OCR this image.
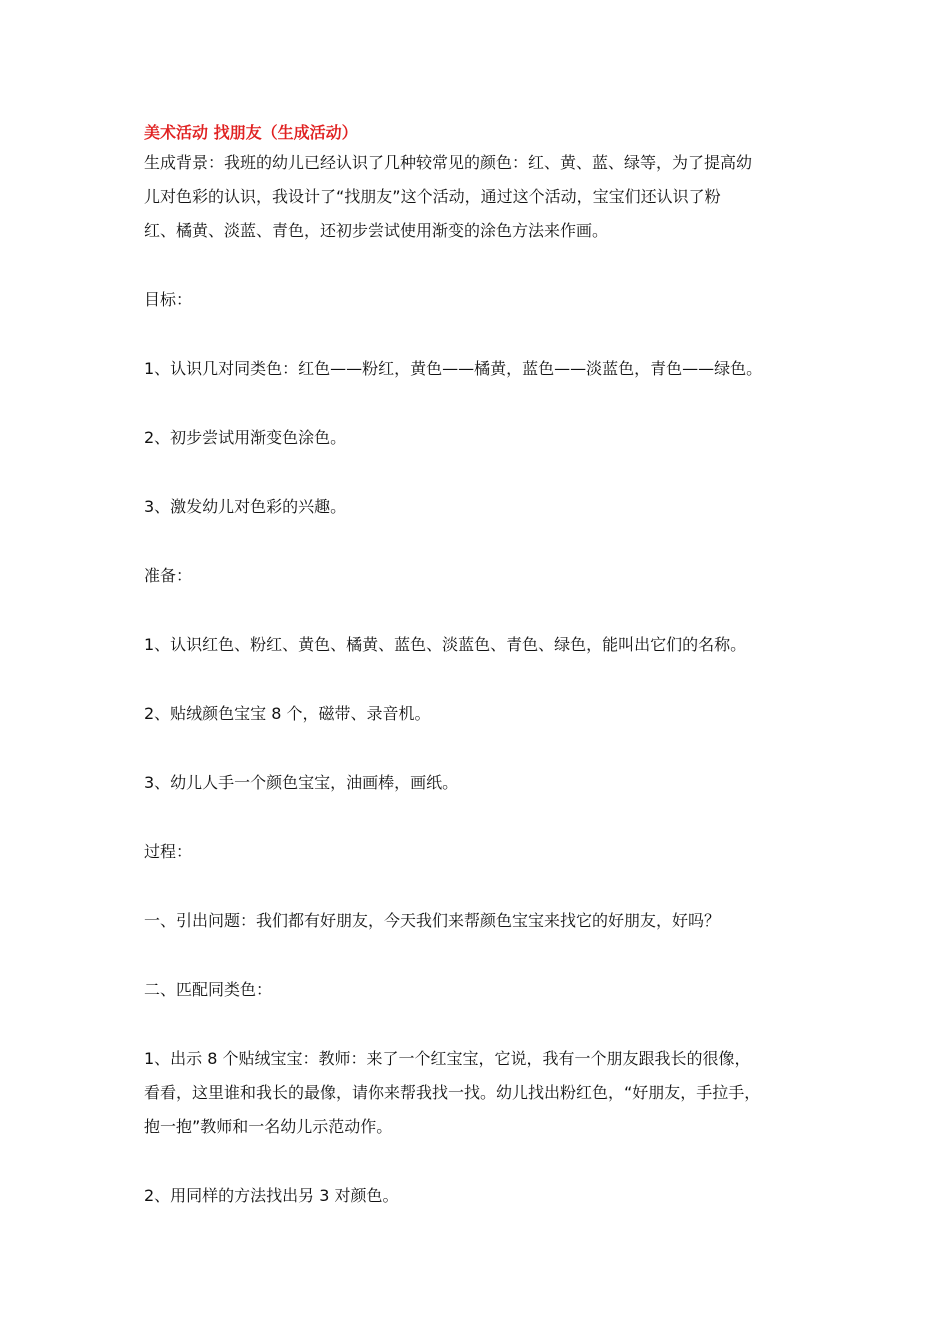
美术活动 找朋友（生成活动）

生成背景：我班的幼儿已经认识了几种较常见的颜色：红、黄、蓝、绿等，为了提高幼

儿对色彩的认识，我设计了“找朋友”这个活动，通过这个活动，宝宝们还认识了粉

红、橘黄、淡蓝、青色，还初步尝试使用渐变的涂色方法来作画。

目标：

1、认识几对同类色：红色——粉红，黄色——橘黄，蓝色——淡蓝色，青色——绿色。

2、初步尝试用渐变色涂色。

3、激发幼儿对色彩的兴趣。

准备：

1、认识红色、粉红、黄色、橘黄、蓝色、淡蓝色、青色、绿色，能叫出它们的名称。

2、贴绒颜色宝宝 8 个，磁带、录音机。

3、幼儿人手一个颜色宝宝，油画棒，画纸。

过程：

一、引出问题：我们都有好朋友，今天我们来帮颜色宝宝来找它的好朋友，好吗？

二、匹配同类色：

1、出示 8 个贴绒宝宝：教师：来了一个红宝宝，它说，我有一个朋友跟我长的很像，

看看，这里谁和我长的最像，请你来帮我找一找。幼儿找出粉红色，“好朋友，手拉手，

抱一抱”教师和一名幼儿示范动作。

2、用同样的方法找出另 3 对颜色。
